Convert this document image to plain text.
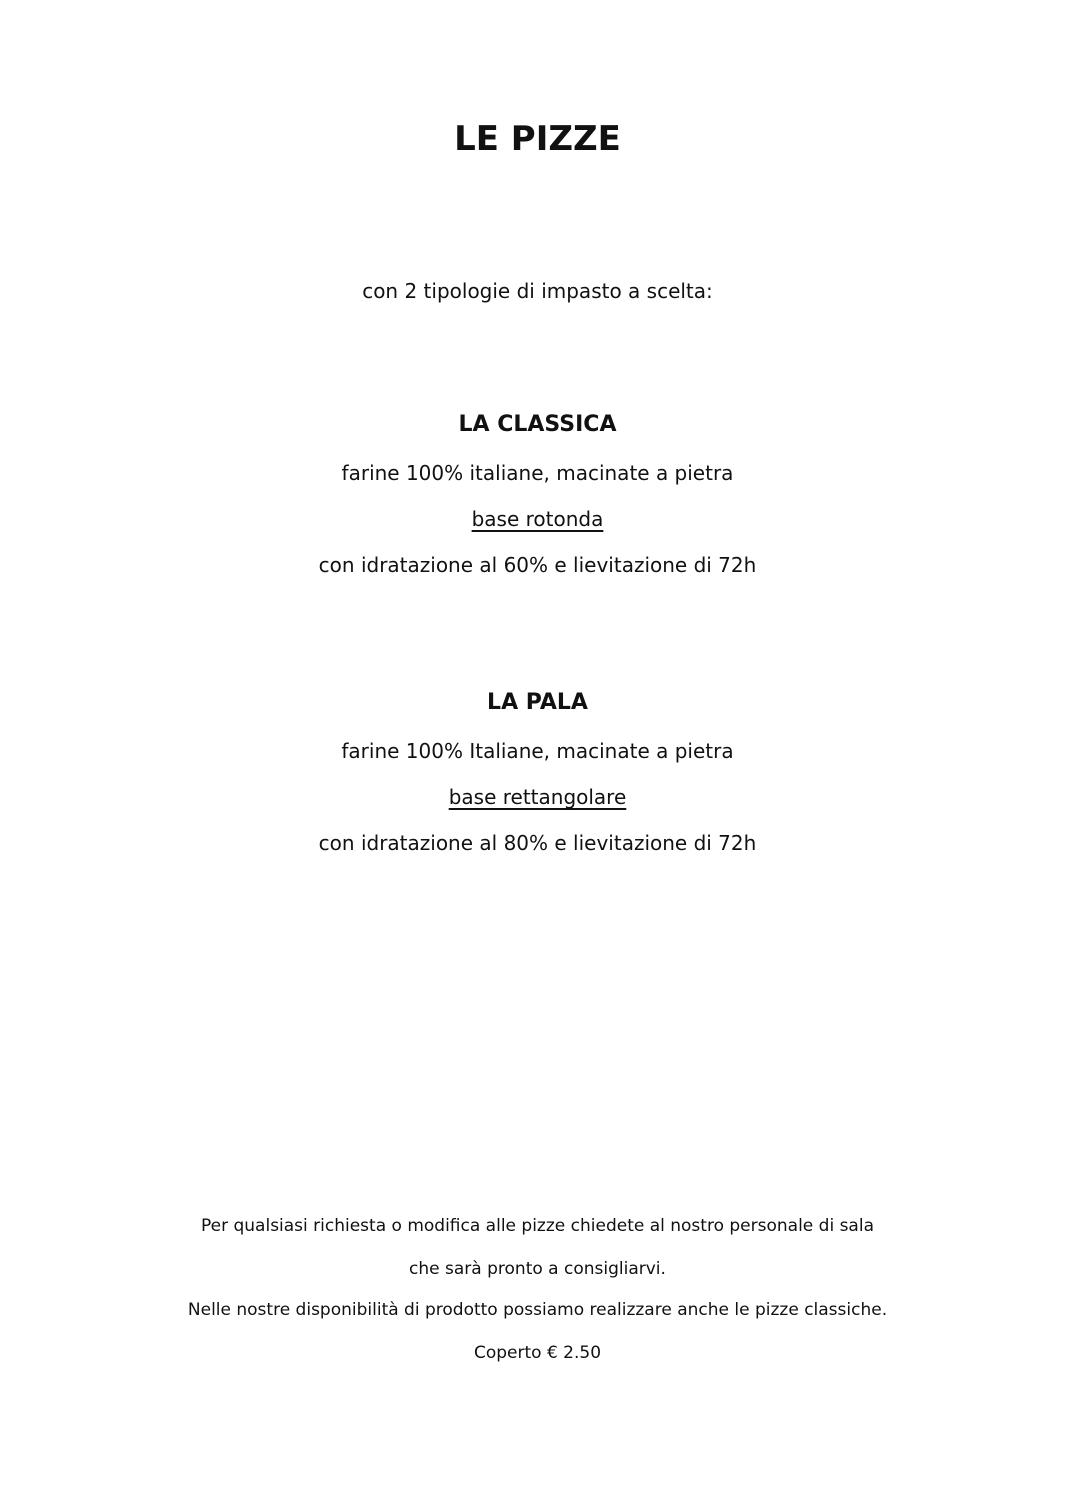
LE PIZZE
con 2 tipologie di impasto a scelta:
LA CLASSICA
farine 100% italiane, macinate a pietra
base rotonda
con idratazione al 60% e lievitazione di 72h
LA PALA
farine 100% Italiane, macinate a pietra
base rettangolare
con idratazione al 80% e lievitazione di 72h
Per qualsiasi richiesta o modifica alle pizze chiedete al nostro personale di sala
che sarà pronto a consigliarvi.
Nelle nostre disponibilità di prodotto possiamo realizzare anche le pizze classiche.
Coperto € 2.50
